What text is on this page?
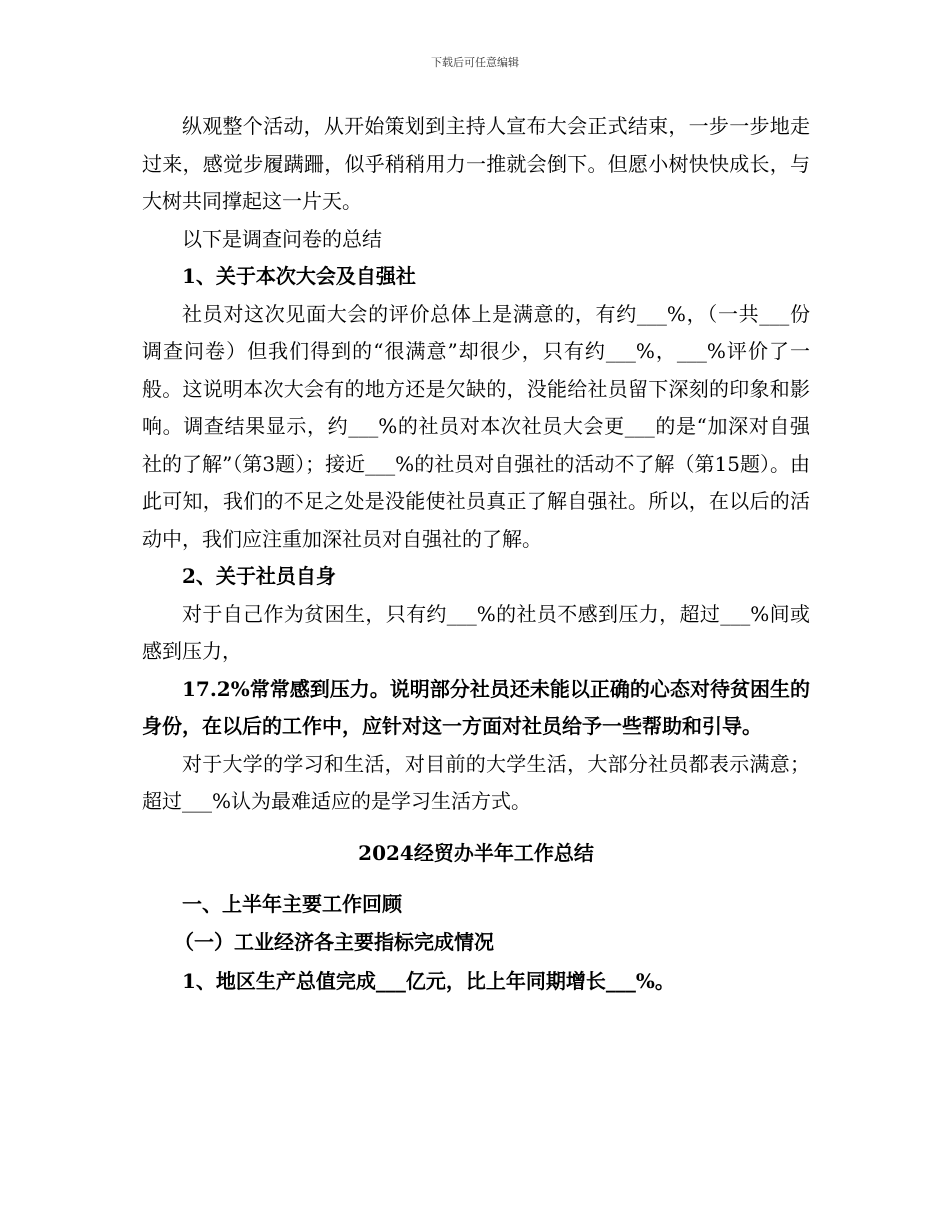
下载后可任意编辑

纵观整个活动，从开始策划到主持人宣布大会正式结束，一步一步地走过来，感觉步履蹒跚，似乎稍稍用力一推就会倒下。但愿小树快快成长，与大树共同撑起这一片天。

以下是调查问卷的总结

1、关于本次大会及自强社

社员对这次见面大会的评价总体上是满意的，有约___%，（一共___份调查问卷）但我们得到的“很满意”却很少，只有约___%，___%评价了一般。这说明本次大会有的地方还是欠缺的，没能给社员留下深刻的印象和影响。调查结果显示，约___%的社员对本次社员大会更___的是“加深对自强社的了解”（第3题）；接近___%的社员对自强社的活动不了解（第15题）。由此可知，我们的不足之处是没能使社员真正了解自强社。所以，在以后的活动中，我们应注重加深社员对自强社的了解。

2、关于社员自身

对于自己作为贫困生，只有约___%的社员不感到压力，超过___%间或感到压力，

17.2%常常感到压力。说明部分社员还未能以正确的心态对待贫困生的身份，在以后的工作中，应针对这一方面对社员给予一些帮助和引导。

对于大学的学习和生活，对目前的大学生活，大部分社员都表示满意；超过___%认为最难适应的是学习生活方式。

2024经贸办半年工作总结

一、上半年主要工作回顾

（一）工业经济各主要指标完成情况

1、地区生产总值完成___亿元，比上年同期增长___%。
